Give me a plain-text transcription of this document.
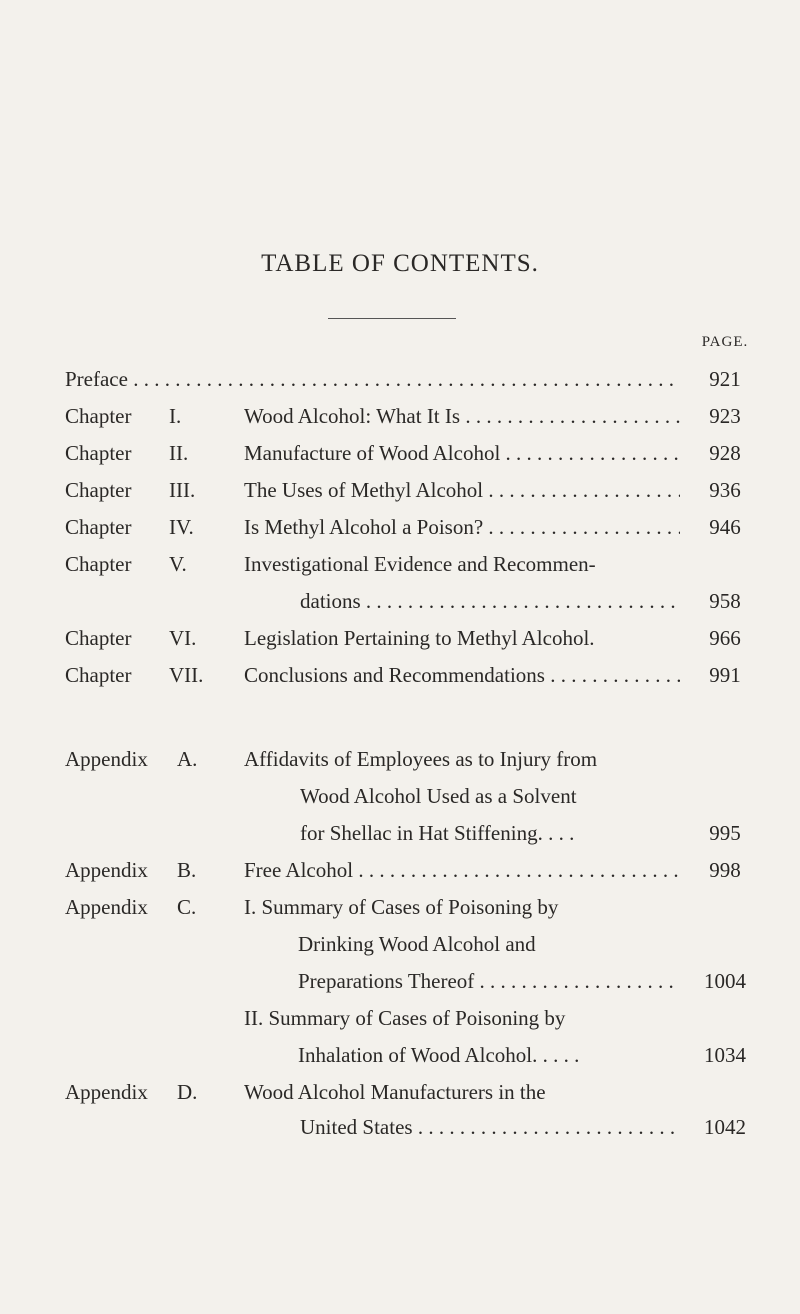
TABLE OF CONTENTS.
PAGE.
Preface . . .	921
Chapter I.	Wood Alcohol: What It Is . . .	923
Chapter II.	Manufacture of Wood Alcohol . . .	928
Chapter III. The Uses of Methyl Alcohol . . .	936
Chapter IV. Is Methyl Alcohol a Poison? . . .	946
Chapter V.	Investigational Evidence and Recommen-
dations . . .	958
Chapter VI. Legislation Pertaining to Methyl Alcohol.	966
Chapter VII. Conclusions and Recommendations . . .	991
Appendix A. Affidavits of Employees as to Injury from
Wood Alcohol Used as a Solvent
for Shellac in Hat Stiffening. . . .	995
Appendix B. Free Alcohol . . .	998
Appendix C. I. Summary of Cases of Poisoning by
Drinking Wood Alcohol and
Preparations Thereof . . .	1004
II. Summary of Cases of Poisoning by
Inhalation of Wood Alcohol. . . . .	1034
Appendix D. Wood Alcohol Manufacturers in the
United States . . .	1042
